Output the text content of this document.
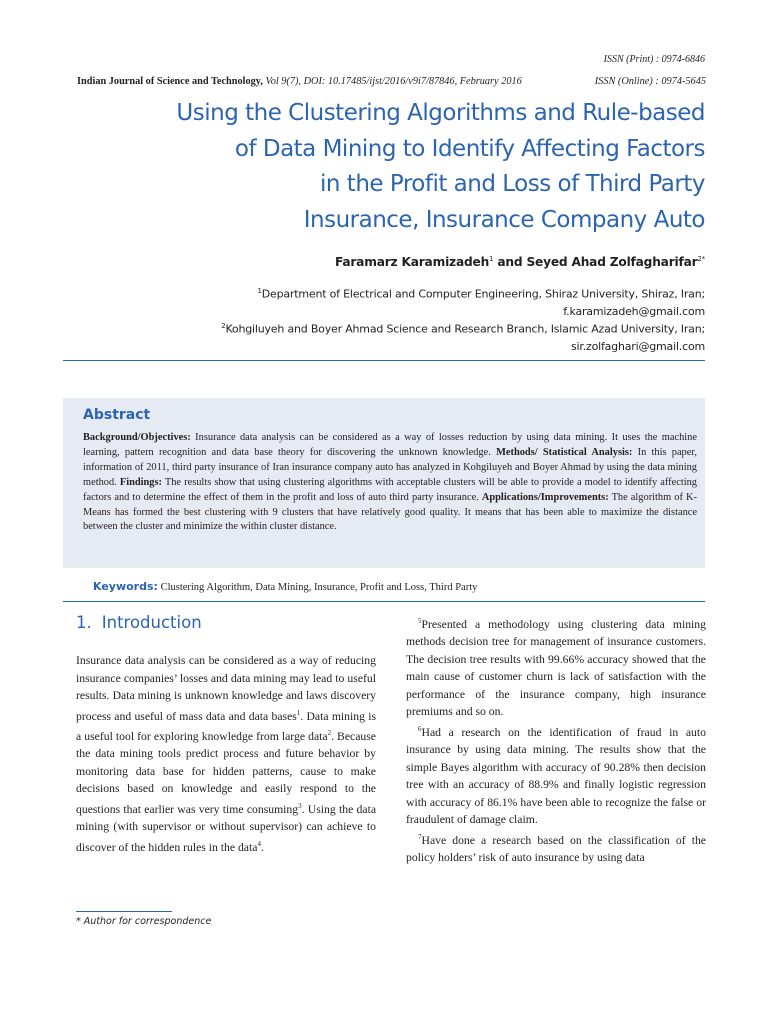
ISSN (Print) : 0974-6846
Indian Journal of Science and Technology, Vol 9(7), DOI: 10.17485/ijst/2016/v9i7/87846, February 2016	ISSN (Online) : 0974-5645
Using the Clustering Algorithms and Rule-based
of Data Mining to Identify Affecting Factors
in the Profit and Loss of Third Party
Insurance, Insurance Company Auto
Faramarz Karamizadeh$^1$ and Seyed Ahad Zolfagharifar$^{2*}$
$^1$Department of Electrical and Computer Engineering, Shiraz University, Shiraz, Iran;
f.karamizadeh@gmail.com
$^2$Kohgiluyeh and Boyer Ahmad Science and Research Branch, Islamic Azad University, Iran;
sir.zolfaghari@gmail.com
Abstract
Background/Objectives: Insurance data analysis can be considered as a way of losses reduction by using data mining. It uses the machine learning, pattern recognition and data base theory for discovering the unknown knowledge. Methods/ Statistical Analysis: In this paper, information of 2011, third party insurance of Iran insurance company auto has analyzed in Kohgiluyeh and Boyer Ahmad by using the data mining method. Findings: The results show that using clustering algorithms with acceptable clusters will be able to provide a model to identify affecting factors and to determine the effect of them in the profit and loss of auto third party insurance. Applications/Improvements: The algorithm of K-Means has formed the best clustering with 9 clusters that have relatively good quality. It means that has been able to maximize the distance between the cluster and minimize the within cluster distance.
Keywords: Clustering Algorithm, Data Mining, Insurance, Profit and Loss, Third Party
1. Introduction

Insurance data analysis can be considered as a way of reducing insurance companies’ losses and data mining may lead to useful results. Data mining is unknown knowledge and laws discovery process and useful of mass data and data bases$^1$. Data mining is a useful tool for exploring knowledge from large data$^2$. Because the data mining tools predict process and future behavior by monitoring data base for hidden patterns, cause to make decisions based on knowledge and easily respond to the questions that earlier was very time consuming$^3$. Using the data mining (with supervisor or without supervisor) can achieve to discover of the hidden rules in the data$^4$.

$^5$Presented a methodology using clustering data mining methods decision tree for management of insurance customers. The decision tree results with 99.66% accuracy showed that the main cause of customer churn is lack of satisfaction with the performance of the insurance company, high insurance premiums and so on.

$^6$Had a research on the identification of fraud in auto insurance by using data mining. The results show that the simple Bayes algorithm with accuracy of 90.28% then decision tree with an accuracy of 88.9% and finally logistic regression with accuracy of 86.1% have been able to recognize the false or fraudulent of damage claim.

$^7$Have done a research based on the classification of the policy holders’ risk of auto insurance by using data

* Author for correspondence
